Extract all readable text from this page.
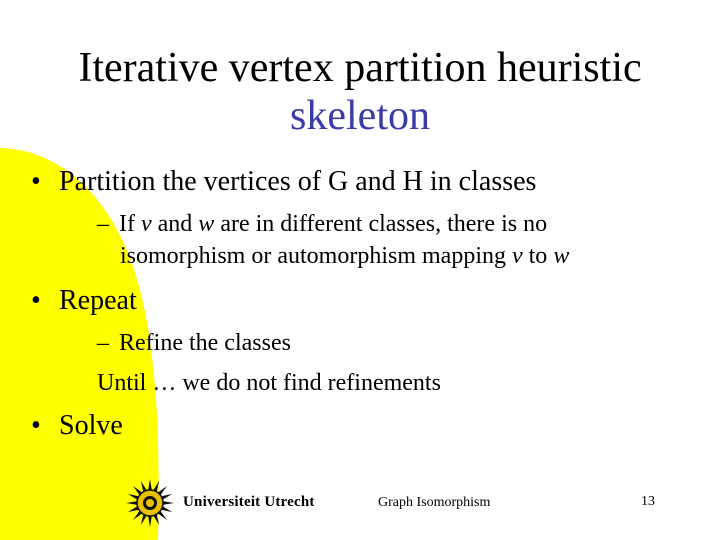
Iterative vertex partition heuristic
skeleton
• Partition the vertices of G and H in classes
– If v and w are in different classes, there is no
isomorphism or automorphism mapping v to w
• Repeat
– Refine the classes
Until … we do not find refinements
• Solve
Universiteit Utrecht	Graph Isomorphism	13
